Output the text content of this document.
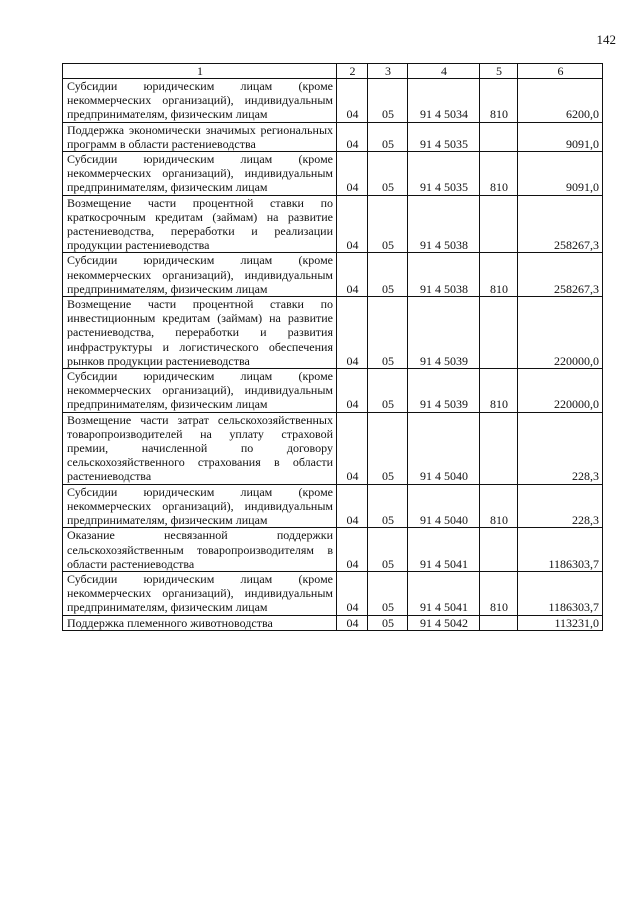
142
1	2	3	4	5	6
Субсидии юридическим лицам (кроме некоммерческих организаций), индивидуальным предпринимателям, физическим лицам	04	05	91 4 5034	810	6200,0
Поддержка экономически значимых региональных программ в области растениеводства	04	05	91 4 5035		9091,0
Субсидии юридическим лицам (кроме некоммерческих организаций), индивидуальным предпринимателям, физическим лицам	04	05	91 4 5035	810	9091,0
Возмещение части процентной ставки по краткосрочным кредитам (займам) на развитие растениеводства, переработки и реализации продукции растениеводства	04	05	91 4 5038		258267,3
Субсидии юридическим лицам (кроме некоммерческих организаций), индивидуальным предпринимателям, физическим лицам	04	05	91 4 5038	810	258267,3
Возмещение части процентной ставки по инвестиционным кредитам (займам) на развитие растениеводства, переработки и развития инфраструктуры и логистического обеспечения рынков продукции растениеводства	04	05	91 4 5039		220000,0
Субсидии юридическим лицам (кроме некоммерческих организаций), индивидуальным предпринимателям, физическим лицам	04	05	91 4 5039	810	220000,0
Возмещение части затрат сельскохозяйственных товаропроизводителей на уплату страховой премии, начисленной по договору сельскохозяйственного страхования в области растениеводства	04	05	91 4 5040		228,3
Субсидии юридическим лицам (кроме некоммерческих организаций), индивидуальным предпринимателям, физическим лицам	04	05	91 4 5040	810	228,3
Оказание несвязанной поддержки сельскохозяйственным товаропроизводителям в области растениеводства	04	05	91 4 5041		1186303,7
Субсидии юридическим лицам (кроме некоммерческих организаций), индивидуальным предпринимателям, физическим лицам	04	05	91 4 5041	810	1186303,7
Поддержка племенного животноводства	04	05	91 4 5042		113231,0
